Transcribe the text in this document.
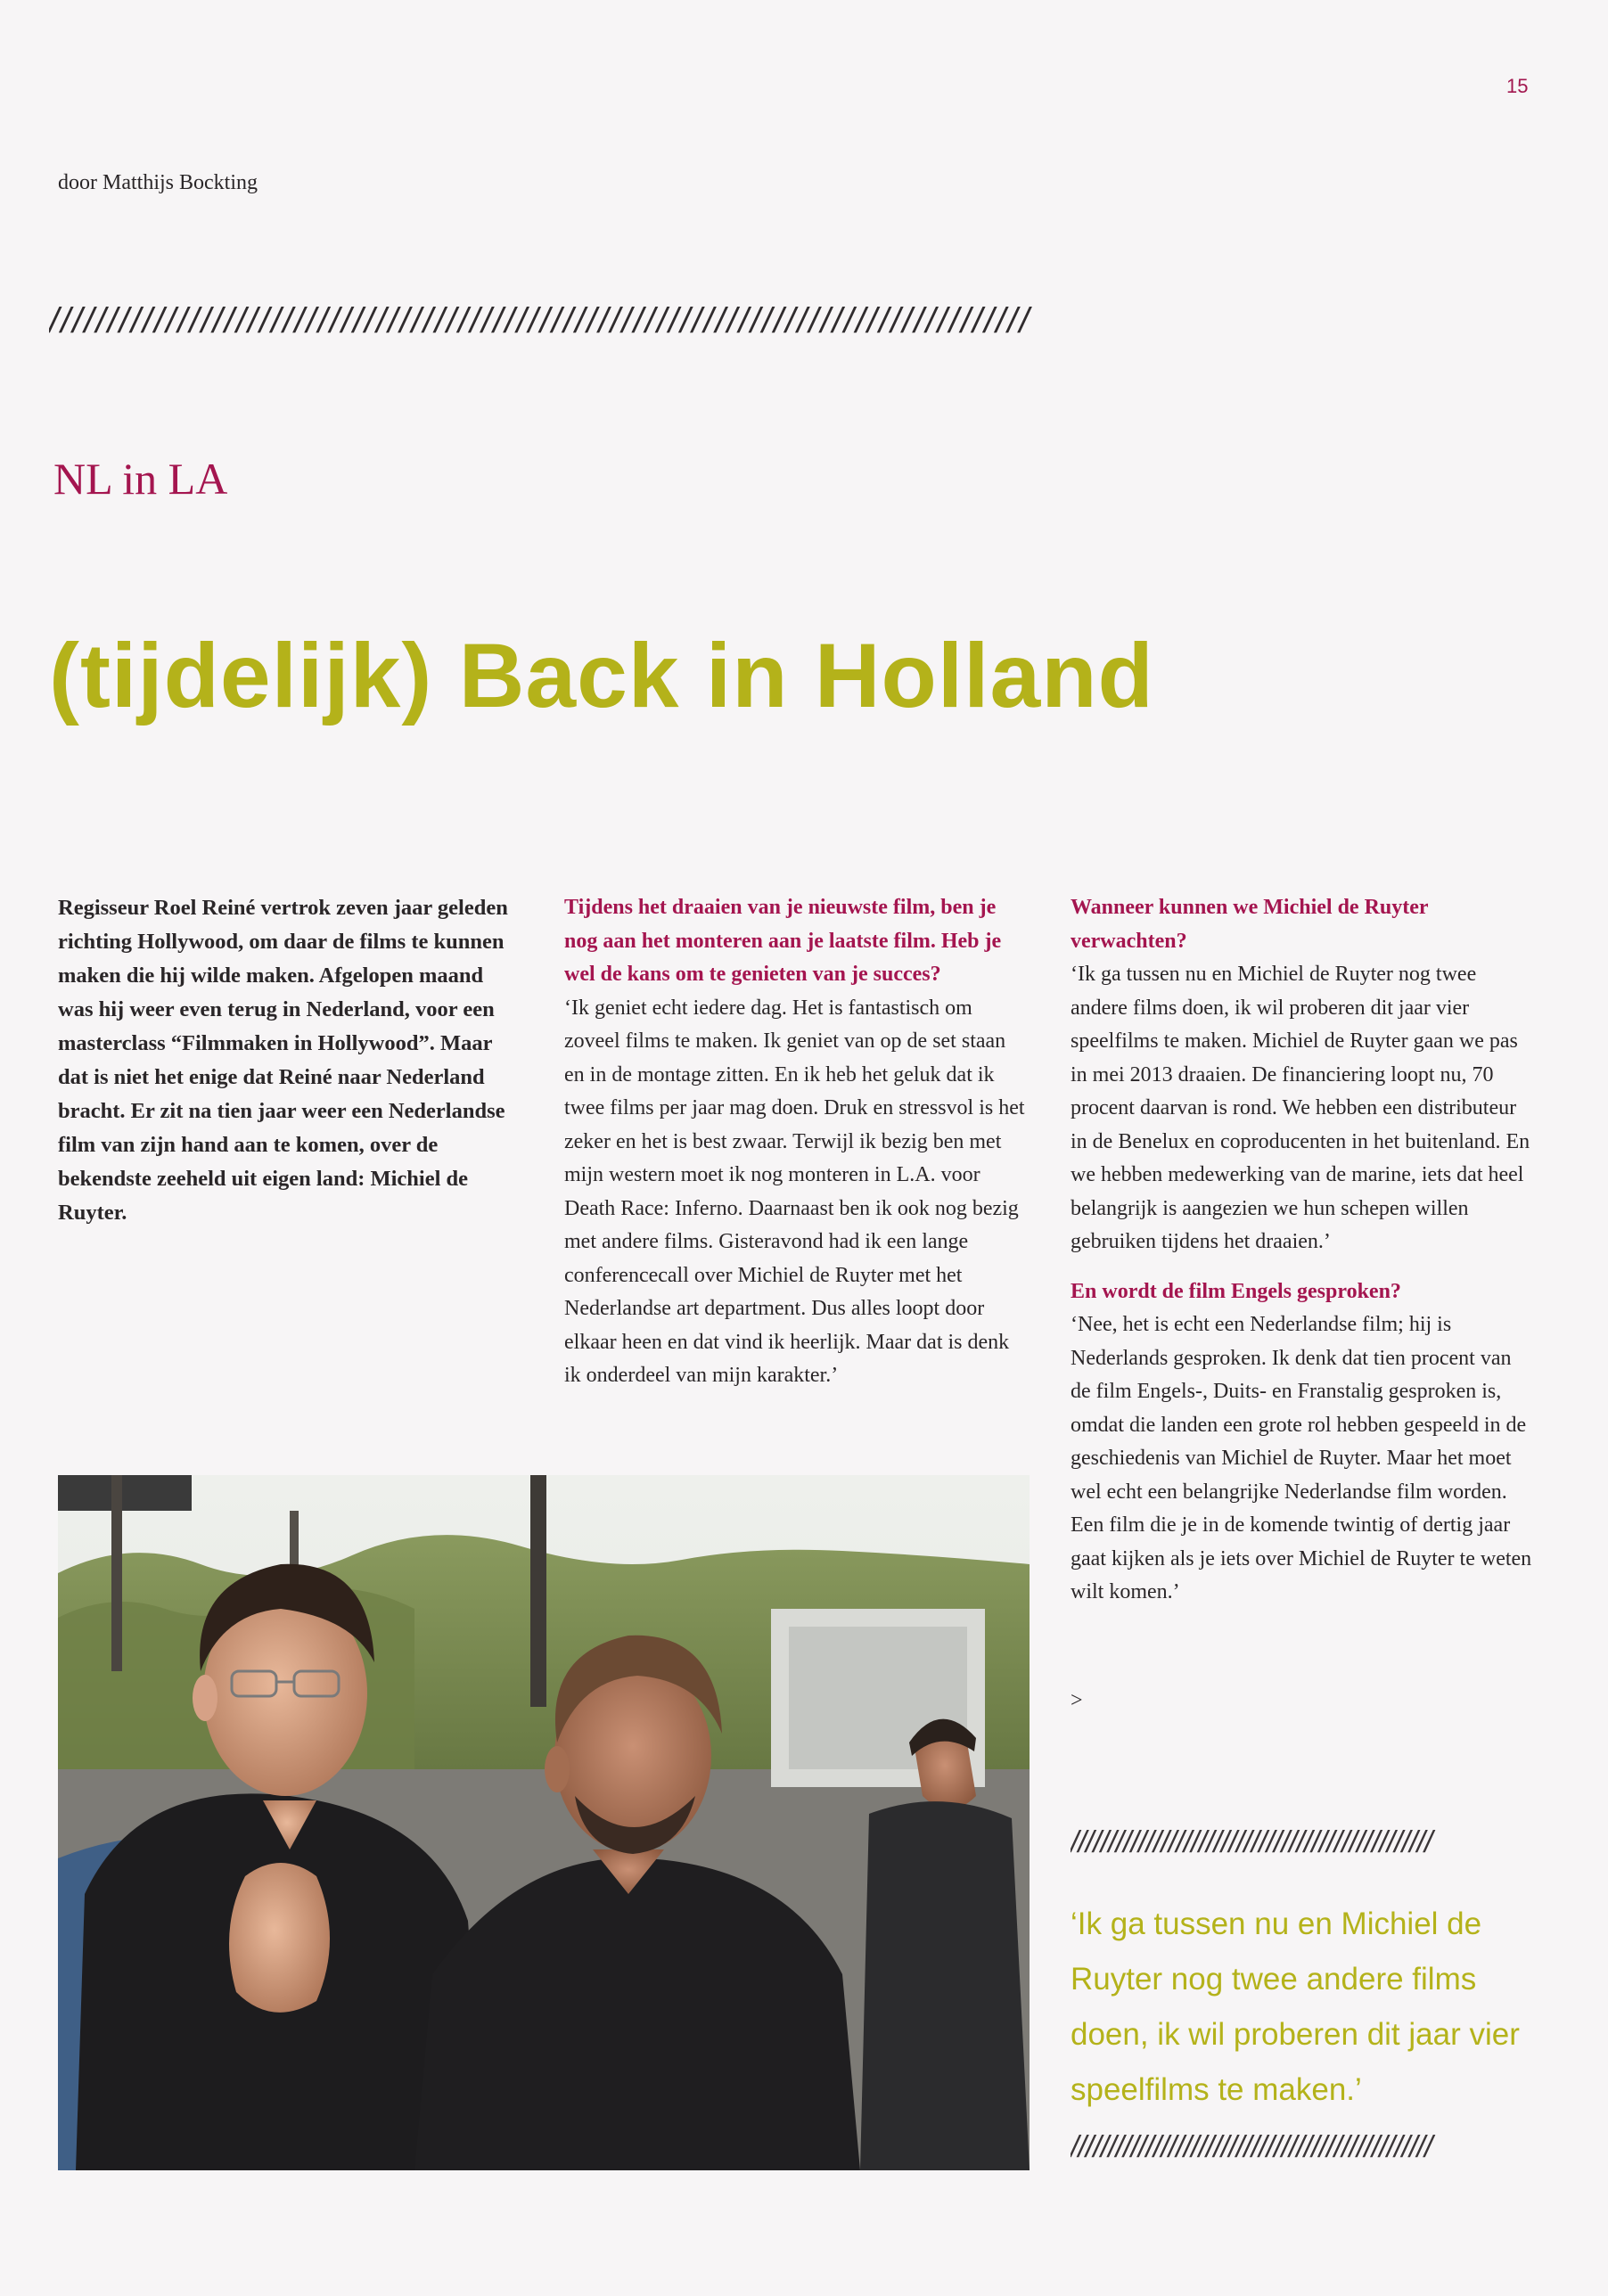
15
door Matthijs Bockting
////////////////////////////////////////////////////////////////////////////////////
NL in LA
(tijdelijk) Back in Holland

Regisseur Roel Reiné vertrok zeven jaar geleden richting Hollywood, om daar de films te kunnen maken die hij wilde maken. Afgelopen maand was hij weer even terug in Nederland, voor een masterclass “Filmmaken in Hollywood”. Maar dat is niet het enige dat Reiné naar Nederland bracht. Er zit na tien jaar weer een Nederlandse film van zijn hand aan te komen, over de bekendste zeeheld uit eigen land: Michiel de Ruyter.

Tijdens het draaien van je nieuwste film, ben je nog aan het monteren aan je laatste film. Heb je wel de kans om te genieten van je succes?

‘Ik geniet echt iedere dag. Het is fantastisch om zoveel films te maken. Ik geniet van op de set staan en in de montage zitten. En ik heb het geluk dat ik twee films per jaar mag doen. Druk en stressvol is het zeker en het is best zwaar. Terwijl ik bezig ben met mijn western moet ik nog monteren in L.A. voor Death Race: Inferno. Daarnaast ben ik ook nog bezig met andere films. Gisteravond had ik een lange conferencecall over Michiel de Ruyter met het Nederlandse art department. Dus alles loopt door elkaar heen en dat vind ik heerlijk. Maar dat is denk ik onderdeel van mijn karakter.’

Wanneer kunnen we Michiel de Ruyter verwachten?

‘Ik ga tussen nu en Michiel de Ruyter nog twee andere films doen, ik wil proberen dit jaar vier speelfilms te maken. Michiel de Ruyter gaan we pas in mei 2013 draaien. De financiering loopt nu, 70 procent daarvan is rond. We hebben een distributeur in de Benelux en coproducenten in het buitenland. En we hebben medewerking van de marine, iets dat heel belangrijk is aangezien we hun schepen willen gebruiken tijdens het draaien.’

En wordt de film Engels gesproken?

‘Nee, het is echt een Nederlandse film; hij is Nederlands gesproken. Ik denk dat tien procent van de film Engels-, Duits- en Franstalig gesproken is, omdat die landen een grote rol hebben gespeeld in de geschiedenis van Michiel de Ruyter. Maar het moet wel echt een belangrijke Nederlandse film worden. Een film die je in de komende twintig of dertig jaar gaat kijken als je iets over Michiel de Ruyter te weten wilt komen.’

>
////////////////////////////////////////////////
‘Ik ga tussen nu en Michiel de Ruyter nog twee andere films doen, ik wil proberen dit jaar vier speelfilms te maken.’
////////////////////////////////////////////////
